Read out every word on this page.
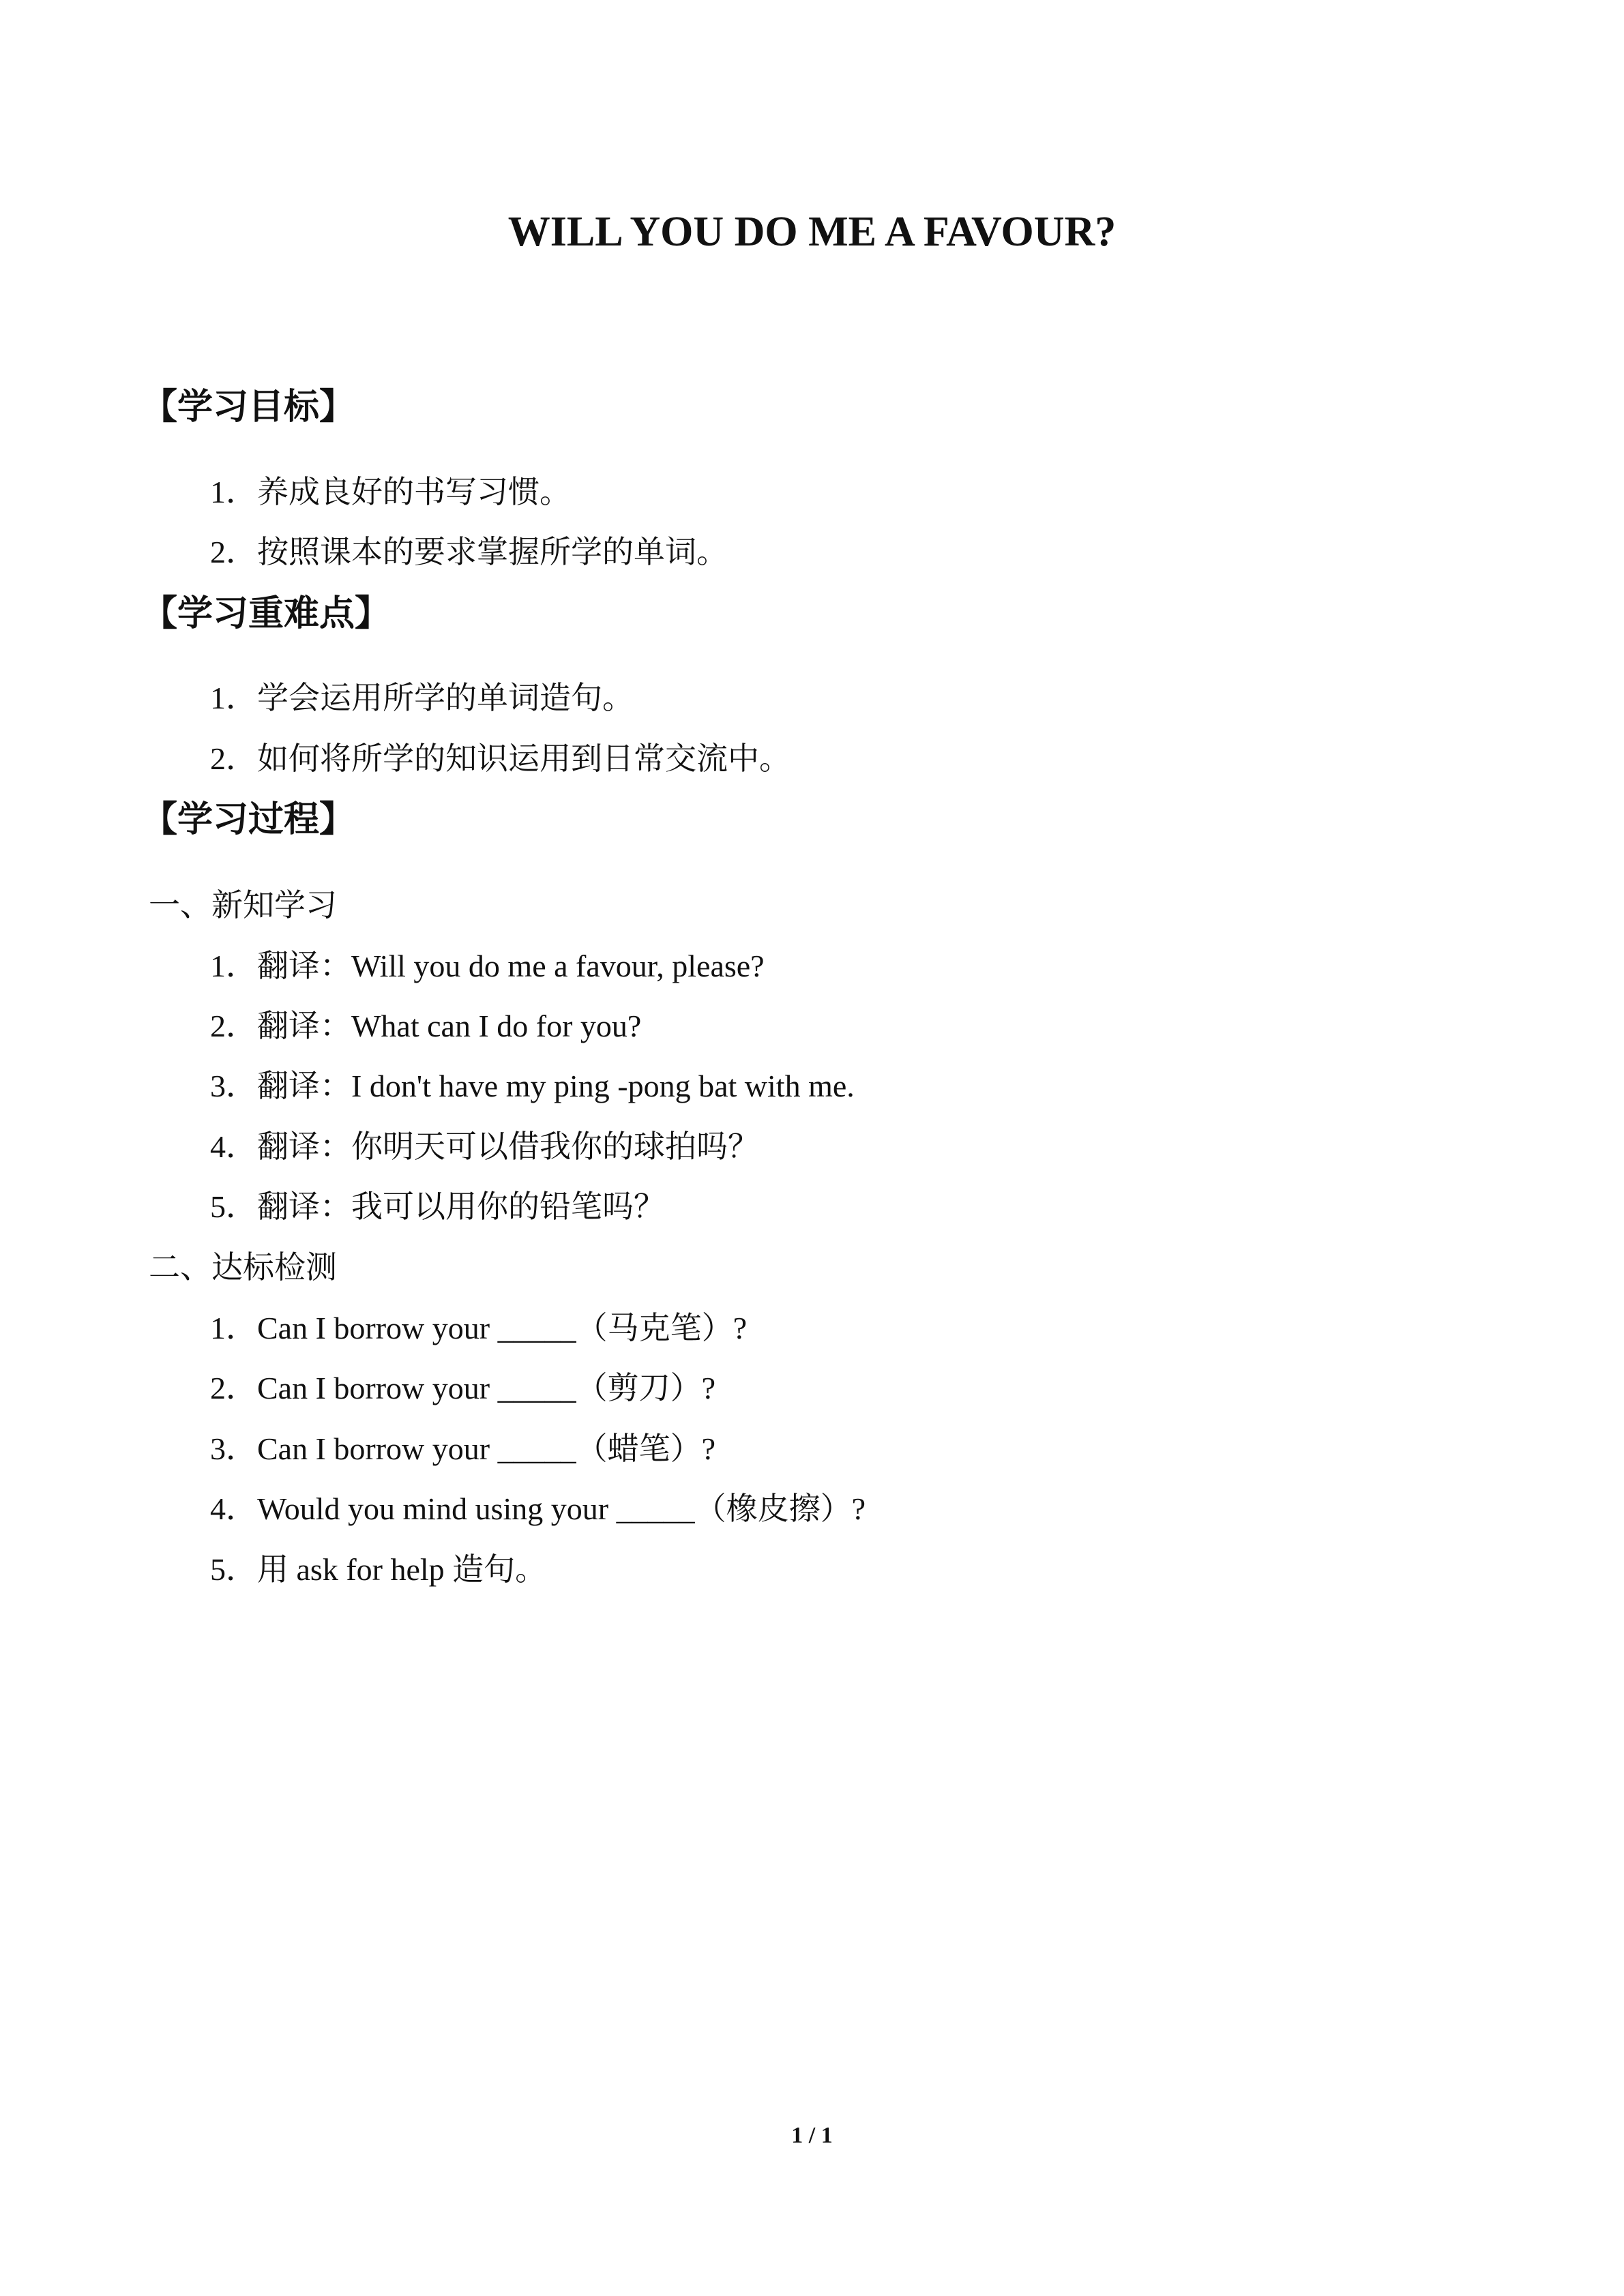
WILL YOU DO ME A FAVOUR?
【学习目标】
1．养成良好的书写习惯。
2．按照课本的要求掌握所学的单词。
【学习重难点】
1．学会运用所学的单词造句。
2．如何将所学的知识运用到日常交流中。
【学习过程】
一、新知学习
1．翻译：Will you do me a favour, please?
2．翻译：What can I do for you?
3．翻译：I don't have my ping -pong bat with me.
4．翻译：你明天可以借我你的球拍吗？
5．翻译：我可以用你的铅笔吗？
二、达标检测
1．Can I borrow your _____（马克笔）?
2．Can I borrow your _____（剪刀）?
3．Can I borrow your _____（蜡笔）?
4．Would you mind using your _____（橡皮擦）?
5．用 ask for help 造句。
1 / 1
